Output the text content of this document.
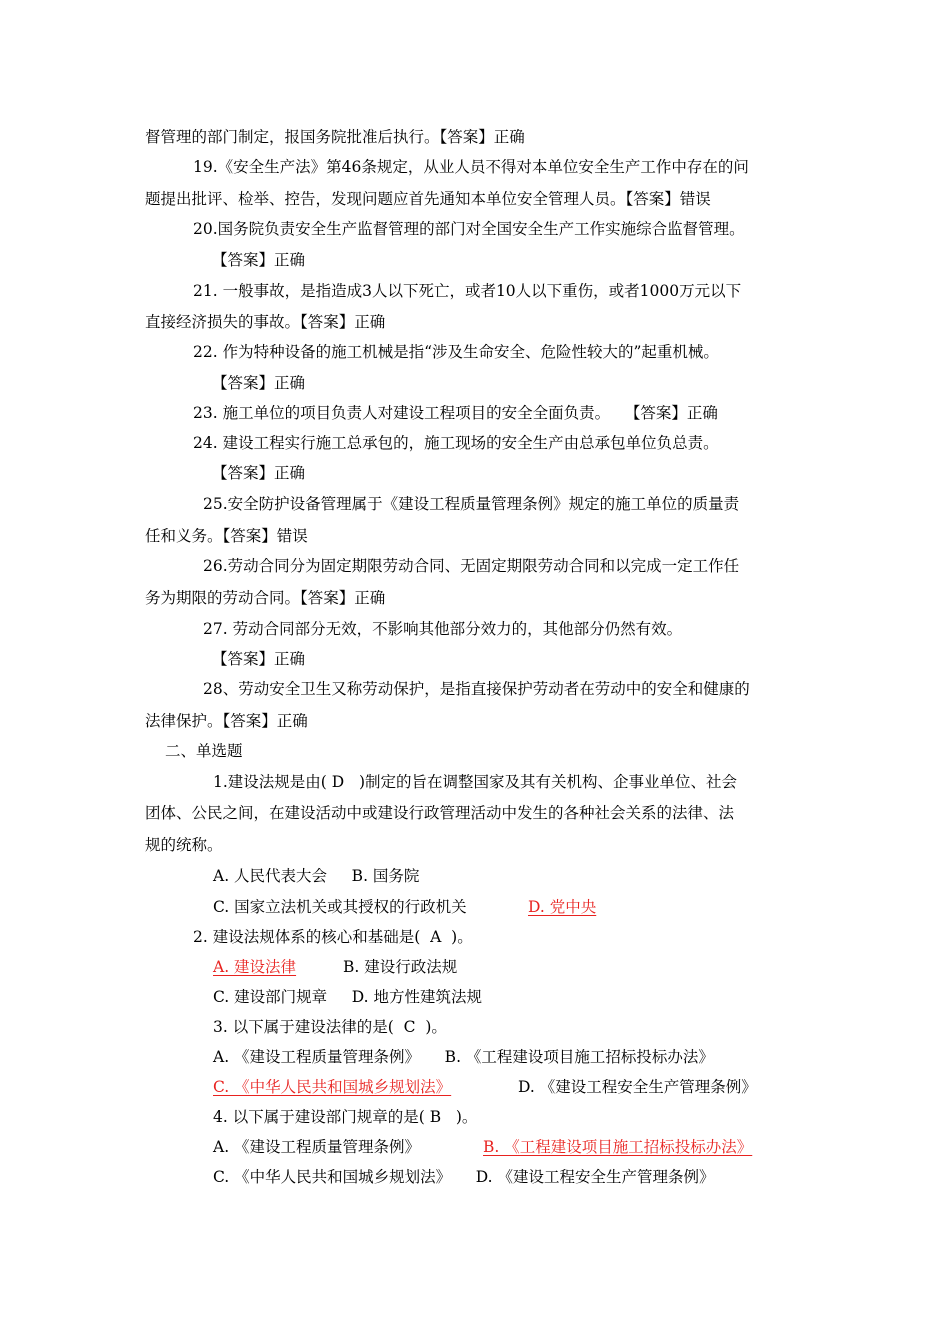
督管理的部门制定，报国务院批准后执行。【答案】正确
19.《安全生产法》第46条规定，从业人员不得对本单位安全生产工作中存在的问
题提出批评、检举、控告，发现问题应首先通知本单位安全管理人员。【答案】错误
20.国务院负责安全生产监督管理的部门对全国安全生产工作实施综合监督管理。
【答案】正确
21. 一般事故，是指造成3人以下死亡，或者10人以下重伤，或者1000万元以下
直接经济损失的事故。【答案】正确
22. 作为特种设备的施工机械是指“涉及生命安全、危险性较大的”起重机械。
【答案】正确
23. 施工单位的项目负责人对建设工程项目的安全全面负责。   【答案】正确
24. 建设工程实行施工总承包的，施工现场的安全生产由总承包单位负总责。
【答案】正确
25.安全防护设备管理属于《建设工程质量管理条例》规定的施工单位的质量责
任和义务。【答案】错误
26.劳动合同分为固定期限劳动合同、无固定期限劳动合同和以完成一定工作任
务为期限的劳动合同。【答案】正确
27. 劳动合同部分无效，不影响其他部分效力的，其他部分仍然有效。
【答案】正确
28、劳动安全卫生又称劳动保护，是指直接保护劳动者在劳动中的安全和健康的
法律保护。【答案】正确
二、单选题
1.建设法规是由( D   )制定的旨在调整国家及其有关机构、企事业单位、社会
团体、公民之间，在建设活动中或建设行政管理活动中发生的各种社会关系的法律、法
规的统称。
A. 人民代表大会     B. 国务院
C. 国家立法机关或其授权的行政机关	D. 党中央
2. 建设法规体系的核心和基础是(  A  )。
A. 建设法律	B. 建设行政法规
C. 建设部门规章     D. 地方性建筑法规
3. 以下属于建设法律的是(  C  )。
A. 《建设工程质量管理条例》     B. 《工程建设项目施工招标投标办法》
C. 《中华人民共和国城乡规划法》	D. 《建设工程安全生产管理条例》
4. 以下属于建设部门规章的是( B   )。
A. 《建设工程质量管理条例》	B. 《工程建设项目施工招标投标办法》
C. 《中华人民共和国城乡规划法》     D. 《建设工程安全生产管理条例》
